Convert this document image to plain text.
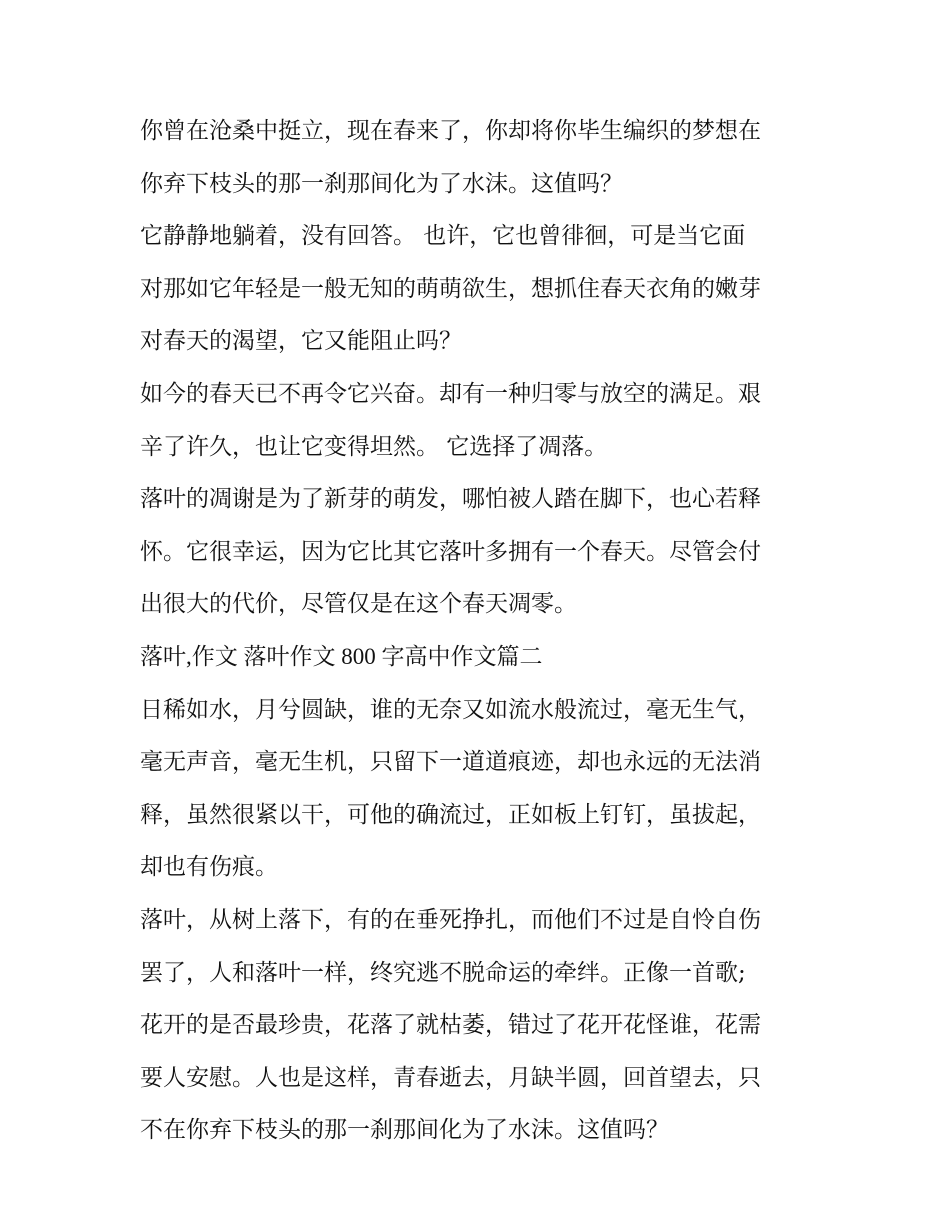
你曾在沧桑中挺立，现在春来了，你却将你毕生编织的梦想在
你弃下枝头的那一刹那间化为了水沫。这值吗？
它静静地躺着，没有回答。 也许，它也曾徘徊，可是当它面
对那如它年轻是一般无知的萌萌欲生，想抓住春天衣角的嫩芽
对春天的渴望，它又能阻止吗？
如今的春天已不再令它兴奋。却有一种归零与放空的满足。艰
辛了许久，也让它变得坦然。 它选择了凋落。
落叶的凋谢是为了新芽的萌发，哪怕被人踏在脚下，也心若释
怀。它很幸运，因为它比其它落叶多拥有一个春天。尽管会付
出很大的代价，尽管仅是在这个春天凋零。
落叶,作文 落叶作文 800 字高中作文篇二
日稀如水，月兮圆缺，谁的无奈又如流水般流过，毫无生气，
毫无声音，毫无生机，只留下一道道痕迹，却也永远的无法消
释，虽然很紧以干，可他的确流过，正如板上钉钉，虽拔起，
却也有伤痕。
落叶，从树上落下，有的在垂死挣扎，而他们不过是自怜自伤
罢了，人和落叶一样，终究逃不脱命运的牵绊。正像一首歌;
花开的是否最珍贵，花落了就枯萎，错过了花开花怪谁，花需
要人安慰。人也是这样，青春逝去，月缺半圆，回首望去，只
不在你弃下枝头的那一刹那间化为了水沫。这值吗？
